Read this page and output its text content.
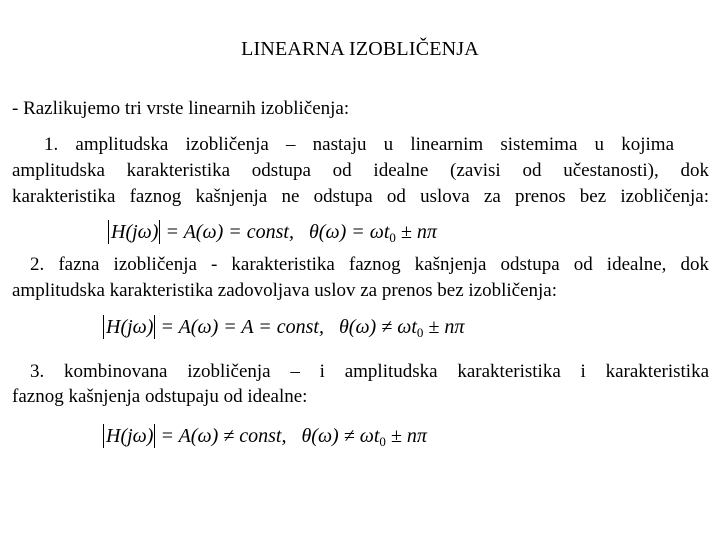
LINEARNA IZOBLIČENJA
- Razlikujemo tri vrste linearnih izobličenja:
1. amplitudska izobličenja – nastaju u linearnim sistemima u kojima
amplitudska karakteristika odstupa od idealne (zavisi od učestanosti), dok
karakteristika faznog kašnjenja ne odstupa od uslova za prenos bez izobličenja:
H(jω) = A(ω) = const, $\theta(\omega) = \omega t_0 \pm n\pi$
2. fazna izobličenja - karakteristika faznog kašnjenja odstupa od idealne, dok
amplitudska karakteristika zadovoljava uslov za prenos bez izobličenja:
H(jω) = A(ω) = A = const, $\theta(\omega) \ne \omega t_0 \pm n\pi$
3. kombinovana izobličenja – i amplitudska karakteristika i karakteristika
faznog kašnjenja odstupaju od idealne:
H(jω) = A(ω) ≠ const, $\theta(\omega) \ne \omega t_0 \pm n\pi$
